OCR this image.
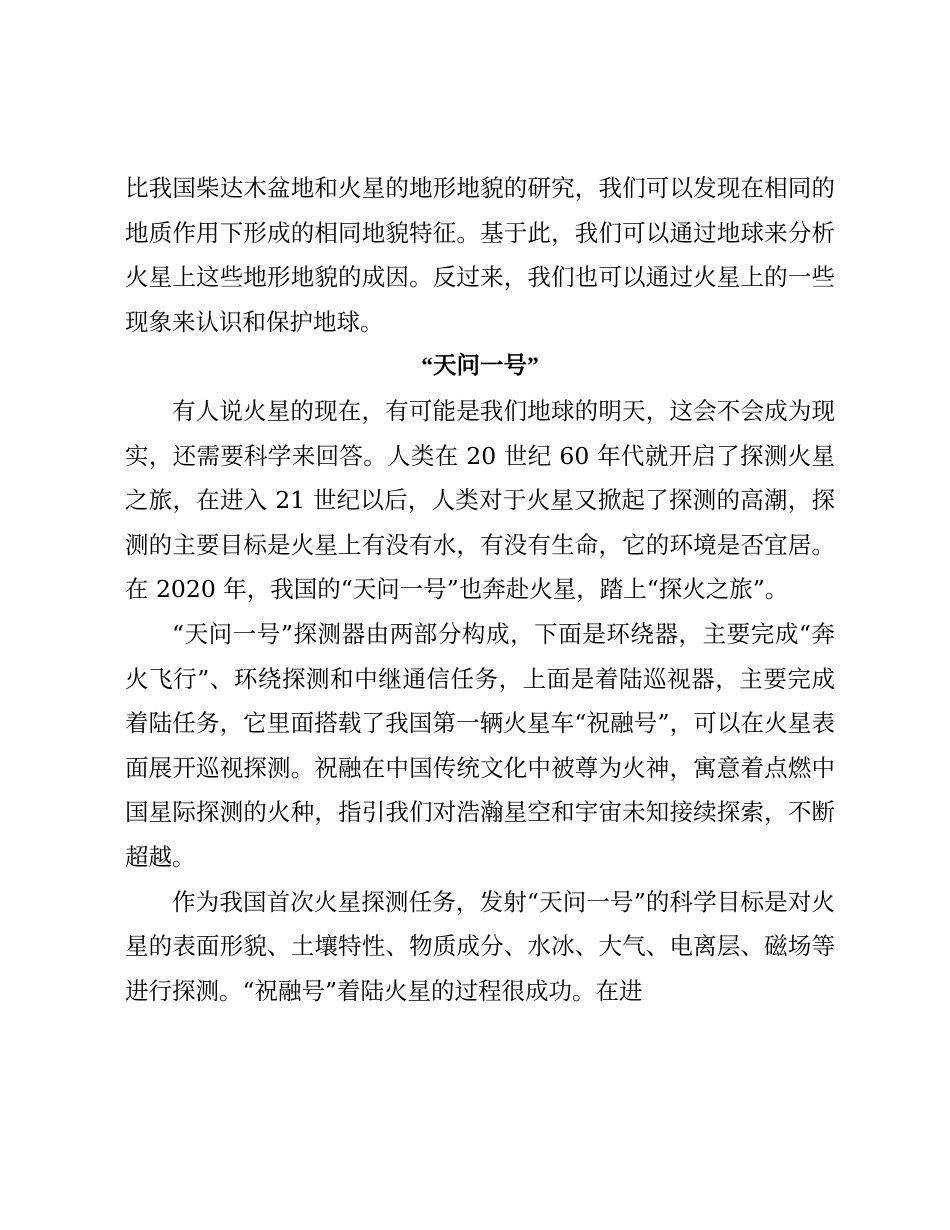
比我国柴达木盆地和火星的地形地貌的研究，我们可以发现在相同的地质作用下形成的相同地貌特征。基于此，我们可以通过地球来分析火星上这些地形地貌的成因。反过来，我们也可以通过火星上的一些现象来认识和保护地球。

“天问一号”

有人说火星的现在，有可能是我们地球的明天，这会不会成为现实，还需要科学来回答。人类在 20 世纪 60 年代就开启了探测火星之旅，在进入 21 世纪以后，人类对于火星又掀起了探测的高潮，探测的主要目标是火星上有没有水，有没有生命，它的环境是否宜居。在 2020 年，我国的“天问一号”也奔赴火星，踏上“探火之旅”。

“天问一号”探测器由两部分构成，下面是环绕器，主要完成“奔火飞行”、环绕探测和中继通信任务，上面是着陆巡视器，主要完成着陆任务，它里面搭载了我国第一辆火星车“祝融号”，可以在火星表面展开巡视探测。祝融在中国传统文化中被尊为火神，寓意着点燃中国星际探测的火种，指引我们对浩瀚星空和宇宙未知接续探索，不断超越。

作为我国首次火星探测任务，发射“天问一号”的科学目标是对火星的表面形貌、土壤特性、物质成分、水冰、大气、电离层、磁场等进行探测。“祝融号”着陆火星的过程很成功。在进
